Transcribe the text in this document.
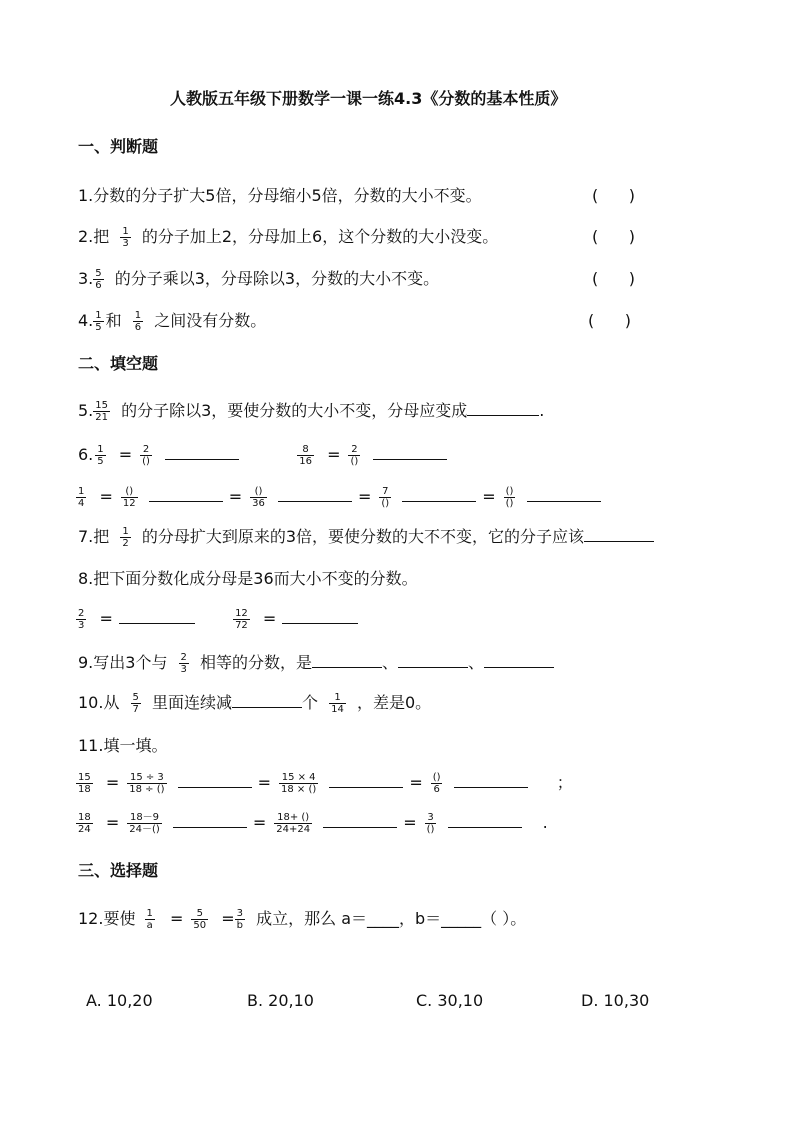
人教版五年级下册数学一课一练4.3《分数的基本性质》
一、判断题
1.分数的分子扩大5倍，分母缩小5倍，分数的大小不变。	(      )
2.把 $\frac{1}{3}$ 的分子加上2，分母加上6，这个分数的大小没变。	(      )
3. $\frac{5}{6}$ 的分子乘以3，分母除以3，分数的大小不变。	(      )
4. $\frac{1}{5}$ 和 $\frac{1}{6}$ 之间没有分数。	(      )
二、填空题
5. $\frac{15}{21}$ 的分子除以3，要使分数的大小不变，分母应变成	.
6. $\frac{1}{5} = \frac{2}{()}$
	$\frac{8}{16} = \frac{2}{()}$

$\frac{1}{4} = \frac{()}{12}$	= $\frac{()}{36}$	= $\frac{7}{()}$	= $\frac{()}{()}$

7.把 $\frac{1}{2}$ 的分母扩大到原来的3倍，要使分数的大不不变，它的分子应该
8.把下面分数化成分母是36而大小不变的分数。
$\frac{2}{3}$ =	$\frac{12}{72}$ =
9.写出3个与 $\frac{2}{3}$ 相等的分数，是	、	、
10.从 $\frac{5}{7}$ 里面连续减	个 $\frac{1}{14}$ ，差是0。
11.填一填。
$\frac{15}{18} = \frac{15 \div 3}{18 \div ()}$	= $\frac{15 \times 4}{18 \times ()}$	= $\frac{()}{6}$	；
$\frac{18}{24} = \frac{18-9}{24-()}$	= $\frac{18+ ()}{24+24}$	= $\frac{3}{()}$	.
三、选择题
12.要使 $\frac{1}{a} = \frac{5}{50} = \frac{3}{b}$ 成立，那么 a＝____，b＝_____（ ）。
A. 10,20	B. 20,10	C. 30,10	D. 10,30
